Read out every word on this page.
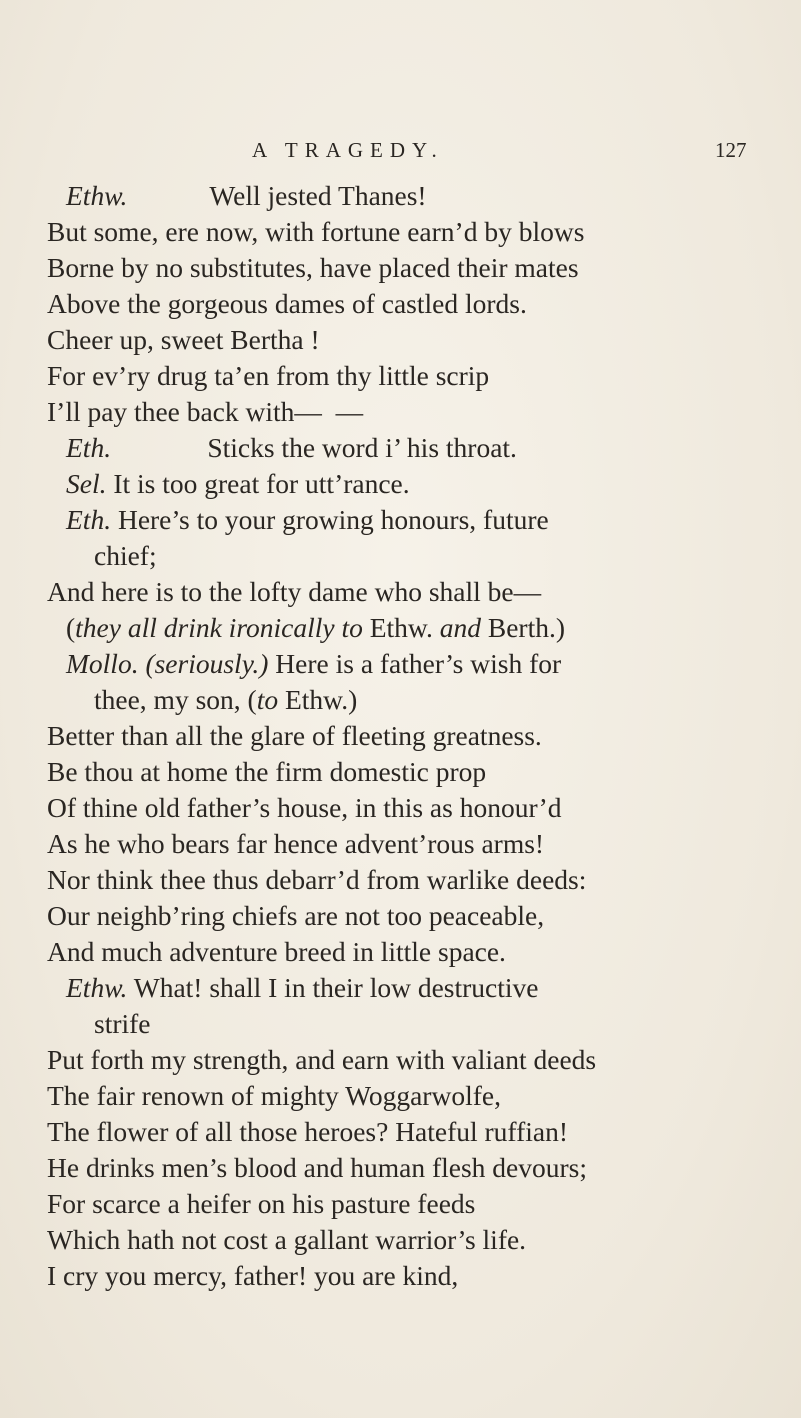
A TRAGEDY.	127
Ethw.            Well jested Thanes!
But some, ere now, with fortune earn’d by blows
Borne by no substitutes, have placed their mates
Above the gorgeous dames of castled lords.
Cheer up, sweet Bertha !
For ev’ry drug ta’en from thy little scrip
I’ll pay thee back with—  —
Eth.              Sticks the word i’ his throat.
Sel. It is too great for utt’rance.
Eth. Here’s to your growing honours, future
chief;
And here is to the lofty dame who shall be—
(they all drink ironically to Ethw. and Berth.)
Mollo. (seriously.) Here is a father’s wish for
thee, my son, (to Ethw.)
Better than all the glare of fleeting greatness.
Be thou at home the firm domestic prop
Of thine old father’s house, in this as honour’d
As he who bears far hence advent’rous arms!
Nor think thee thus debarr’d from warlike deeds:
Our neighb’ring chiefs are not too peaceable,
And much adventure breed in little space.
Ethw. What! shall I in their low destructive
strife
Put forth my strength, and earn with valiant deeds
The fair renown of mighty Woggarwolfe,
The flower of all those heroes? Hateful ruffian!
He drinks men’s blood and human flesh devours;
For scarce a heifer on his pasture feeds
Which hath not cost a gallant warrior’s life.
I cry you mercy, father! you are kind,
